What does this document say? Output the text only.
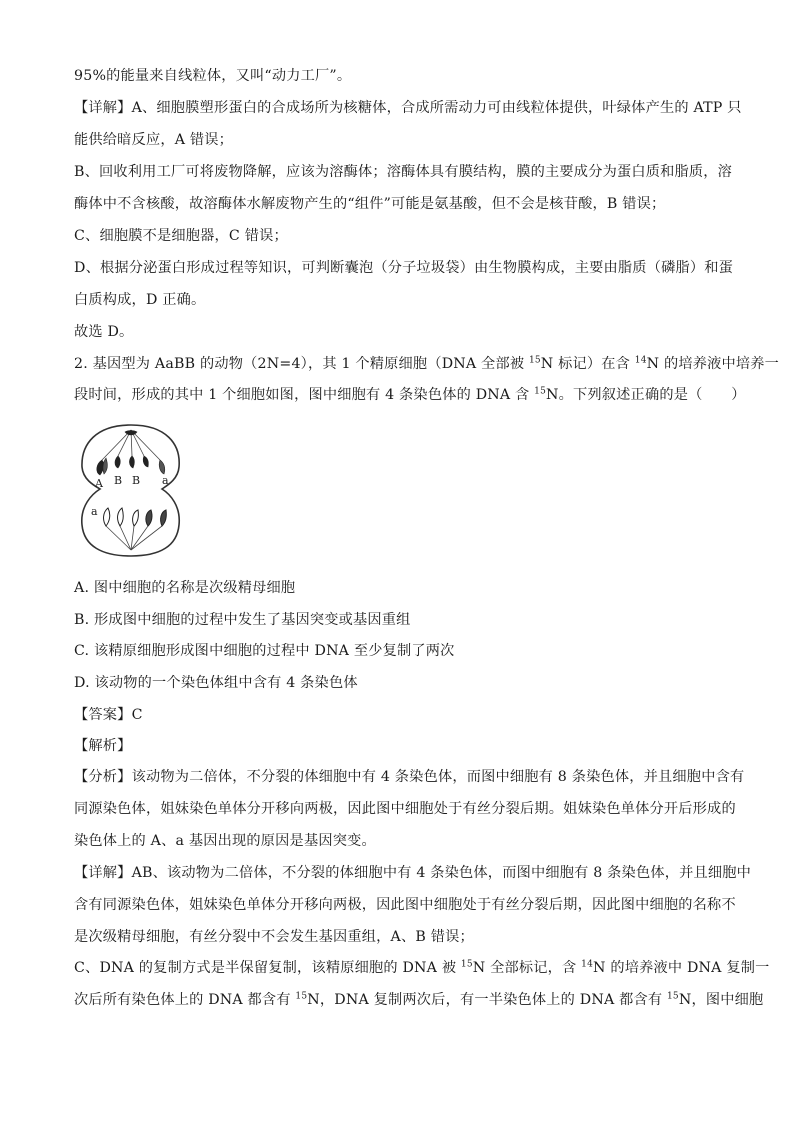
95%的能量来自线粒体，又叫“动力工厂”。
【详解】A、细胞膜塑形蛋白的合成场所为核糖体，合成所需动力可由线粒体提供，叶绿体产生的 ATP 只
能供给暗反应，A 错误；
B、回收利用工厂可将废物降解，应该为溶酶体；溶酶体具有膜结构，膜的主要成分为蛋白质和脂质，溶
酶体中不含核酸，故溶酶体水解废物产生的“组件”可能是氨基酸，但不会是核苷酸，B 错误；
C、细胞膜不是细胞器，C 错误；
D、根据分泌蛋白形成过程等知识，可判断囊泡（分子垃圾袋）由生物膜构成，主要由脂质（磷脂）和蛋
白质构成，D 正确。
故选 D。
2. 基因型为 AaBB 的动物（2N=4），其 1 个精原细胞（DNA 全部被 $^{15}$N 标记）在含 $^{14}$N 的培养液中培养一
段时间，形成的其中 1 个细胞如图，图中细胞有 4 条染色体的 DNA 含 $^{15}$N。下列叙述正确的是（　　）
A B B a
a
A. 图中细胞的名称是次级精母细胞
B. 形成图中细胞的过程中发生了基因突变或基因重组
C. 该精原细胞形成图中细胞的过程中 DNA 至少复制了两次
D. 该动物的一个染色体组中含有 4 条染色体
【答案】C
【解析】
【分析】该动物为二倍体，不分裂的体细胞中有 4 条染色体，而图中细胞有 8 条染色体，并且细胞中含有
同源染色体，姐妹染色单体分开移向两极，因此图中细胞处于有丝分裂后期。姐妹染色单体分开后形成的
染色体上的 A、a 基因出现的原因是基因突变。
【详解】AB、该动物为二倍体，不分裂的体细胞中有 4 条染色体，而图中细胞有 8 条染色体，并且细胞中
含有同源染色体，姐妹染色单体分开移向两极，因此图中细胞处于有丝分裂后期，因此图中细胞的名称不
是次级精母细胞，有丝分裂中不会发生基因重组，A、B 错误；
C、DNA 的复制方式是半保留复制，该精原细胞的 DNA 被 $^{15}$N 全部标记，含 $^{14}$N 的培养液中 DNA 复制一
次后所有染色体上的 DNA 都含有 $^{15}$N，DNA 复制两次后，有一半染色体上的 DNA 都含有 $^{15}$N，图中细胞
